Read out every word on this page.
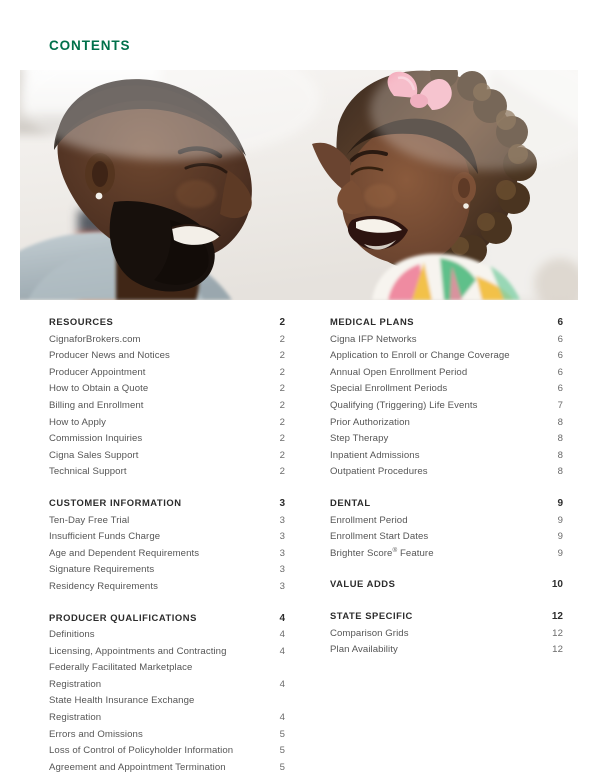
CONTENTS
RESOURCES	2
CignaforBrokers.com	2
Producer News and Notices	2
Producer Appointment	2
How to Obtain a Quote	2
Billing and Enrollment	2
How to Apply	2
Commission Inquiries	2
Cigna Sales Support	2
Technical Support	2
CUSTOMER INFORMATION	3
Ten-Day Free Trial	3
Insufficient Funds Charge	3
Age and Dependent Requirements	3
Signature Requirements	3
Residency Requirements	3
PRODUCER QUALIFICATIONS	4
Definitions	4
Licensing, Appointments and Contracting	4
Federally Facilitated Marketplace
Registration	4
State Health Insurance Exchange
Registration	4
Errors and Omissions	5
Loss of Control of Policyholder Information	5
Agreement and Appointment Termination	5
MEDICAL PLANS	6
Cigna IFP Networks	6
Application to Enroll or Change Coverage	6
Annual Open Enrollment Period	6
Special Enrollment Periods	6
Qualifying (Triggering) Life Events	7
Prior Authorization	8
Step Therapy	8
Inpatient Admissions	8
Outpatient Procedures	8
DENTAL	9
Enrollment Period	9
Enrollment Start Dates	9
Brighter Score® Feature	9
VALUE ADDS	10
STATE SPECIFIC	12
Comparison Grids	12
Plan Availability	12
